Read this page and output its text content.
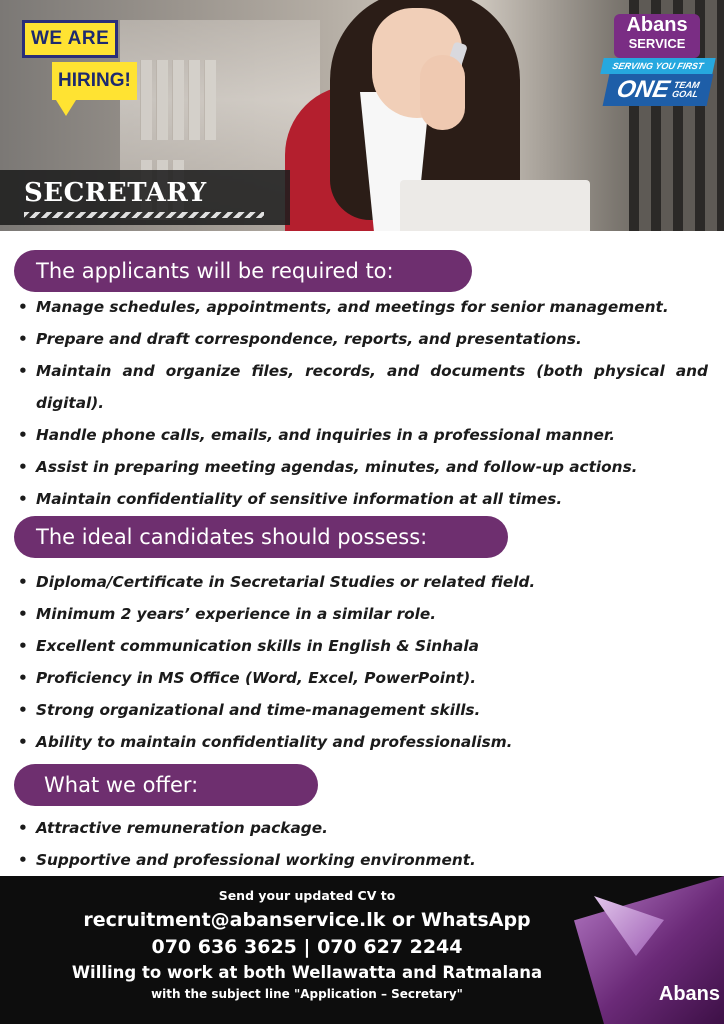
WE ARE
HIRING!
Abans
SERVICE
SERVING YOU FIRST
ONE TEAM
GOAL
SECRETARY
The applicants will be required to:
• Manage schedules, appointments, and meetings for senior management.
• Prepare and draft correspondence, reports, and presentations.
• Maintain and organize files, records, and documents (both physical and digital).
• Handle phone calls, emails, and inquiries in a professional manner.
• Assist in preparing meeting agendas, minutes, and follow-up actions.
• Maintain confidentiality of sensitive information at all times.
The ideal candidates should possess:
• Diploma/Certificate in Secretarial Studies or related field.
• Minimum 2 years’ experience in a similar role.
• Excellent communication skills in English & Sinhala
• Proficiency in MS Office (Word, Excel, PowerPoint).
• Strong organizational and time-management skills.
• Ability to maintain confidentiality and professionalism.
What we offer:
• Attractive remuneration package.
• Supportive and professional working environment.
Abans
Send your updated CV to
recruitment@abanservice.lk or WhatsApp
070 636 3625 | 070 627 2244
Willing to work at both Wellawatta and Ratmalana
with the subject line "Application – Secretary"
